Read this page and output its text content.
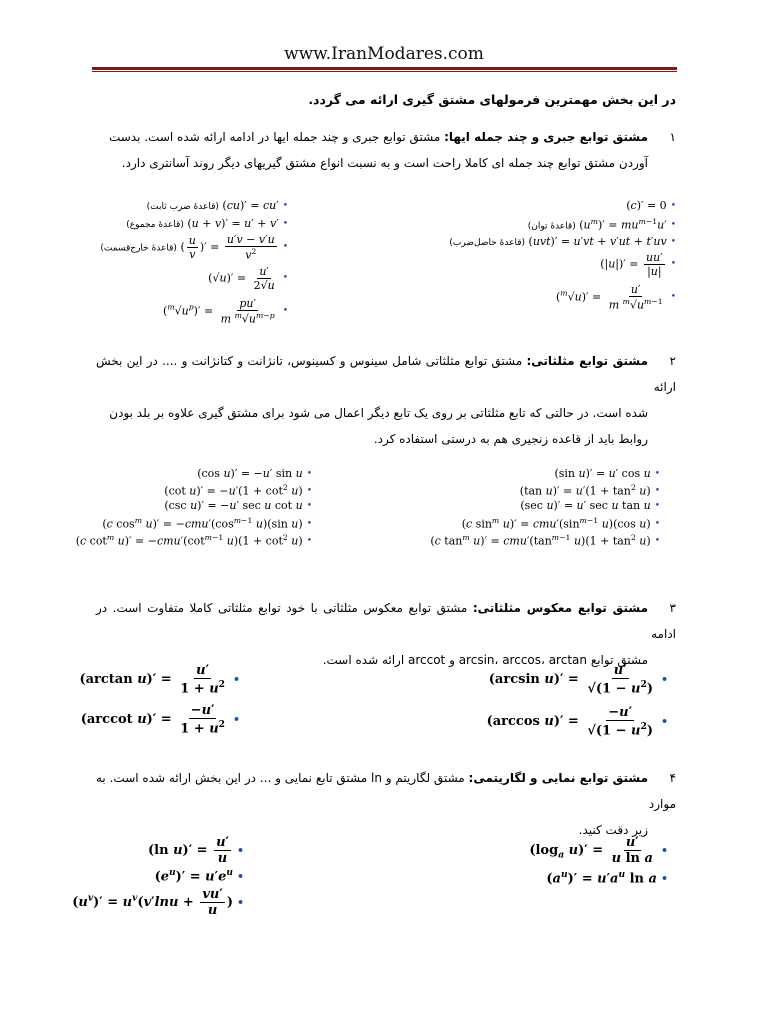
www.IranModares.com
در این بخش مهمترین فرمولهای مشتق گیری ارائه می گردد.
۱مشتق توابع جبری و چند جمله ایها: مشتق توابع جبری و چند جمله ایها در ادامه ارائه شده است. بدست
آوردن مشتق توابع چند جمله ای کاملا راحت است و به نسبت انواع مشتق گیریهای دیگر روند آسانتری دارد.
(c)′ = 0 •
(قاعدهٔ توان) $(u^m)' = mu^{m-1}u'$ •
(قاعدهٔ حاصل‌ضرب) (uvt)′ = u′vt + v′ut + t′uv •
$(|u|)' = \frac{uu'}{|u|}$ •
$(^m√u)' = \frac{u'}{m ^m√u^{m-1}}$ •
(قاعدهٔ ضرب ثابت) (cu)′ = cu′ •
(قاعدهٔ مجموع) (u + v)′ = u′ + v′ •
(قاعدهٔ خارج‌قسمت) ( $\frac{u}{v}$ )′ = $\frac{u'v - v'u}{v^2}$ •
$(√u)' = \frac{u'}{2√u}$ •
$(^m√u^p)' = \frac{pu'}{m ^m√u^{m-p}}$ •
۲مشتق توابع مثلثاتی: مشتق توابع مثلثاتی شامل سینوس و کسینوس، تانژانت و کتانژانت و .... در این بخش ارائه
شده است. در حالتی که تابع مثلثاتی بر روی یک تابع دیگر اعمال می شود برای مشتق گیری علاوه بر بلد بودن
روابط باید از قاعده زنجیری هم به درستی استفاده کرد.
(sin u)′ = u′ cos u •
(tan $u)' = u'(1 + \tan^2 u)$ •
(sec u)′ = u′ sec u tan u •
(c $\sin^m u)' = cmu'(\sin^{m-1}$ u)(cos u) •
(c $\tan^m u)' = cmu'(\tan^{m-1}$ $u)(1 + \tan^2 u)$ •
(cos u)′ = −u′ sin u •
(cot $u)' = -u'(1 + \cot^2 u)$ •
(csc u)′ = −u′ sec u cot u •
(c $\cos^m u)' = -cmu'(\cos^{m-1}$ u)(sin u) •
(c $\cot^m u)' = -cmu'(\cot^{m-1}$ $u)(1 + \cot^2 u)$ •
۳مشتق توابع معکوس مثلثاتی: مشتق توابع معکوس مثلثاتی با خود توابع مثلثاتی کاملا متفاوت است. در ادامه
مشتق توابع arcsin، arccos، arctan و arccot ارائه شده است.
(arcsin $u)' = \frac{u'}{√(1 - u^2)}$ •
(arccos $u)' = \frac{-u'}{√(1 - u^2)}$ •
(arctan $u)' = \frac{u'}{1 + u^2}$ •
(arccot $u)' = \frac{-u'}{1 + u^2}$ •
۴مشتق توابع نمایی و لگاریتمی: مشتق لگاریتم و ln مشتق تابع نمایی و ... در این بخش ارائه شده است. به موارد
زیر دقت کنید.
($\log_a$ $u)' = \frac{u'}{\text{u ln a}}$ •
$(a^u)' = u'a^u$ ln a •
(ln $u)' = \frac{u'}{u}$ •
$(e^u)' = u'e^u$ •
$(u^v)' = u^v(v'\ln u + \frac{vu'}{u}$ ) •
